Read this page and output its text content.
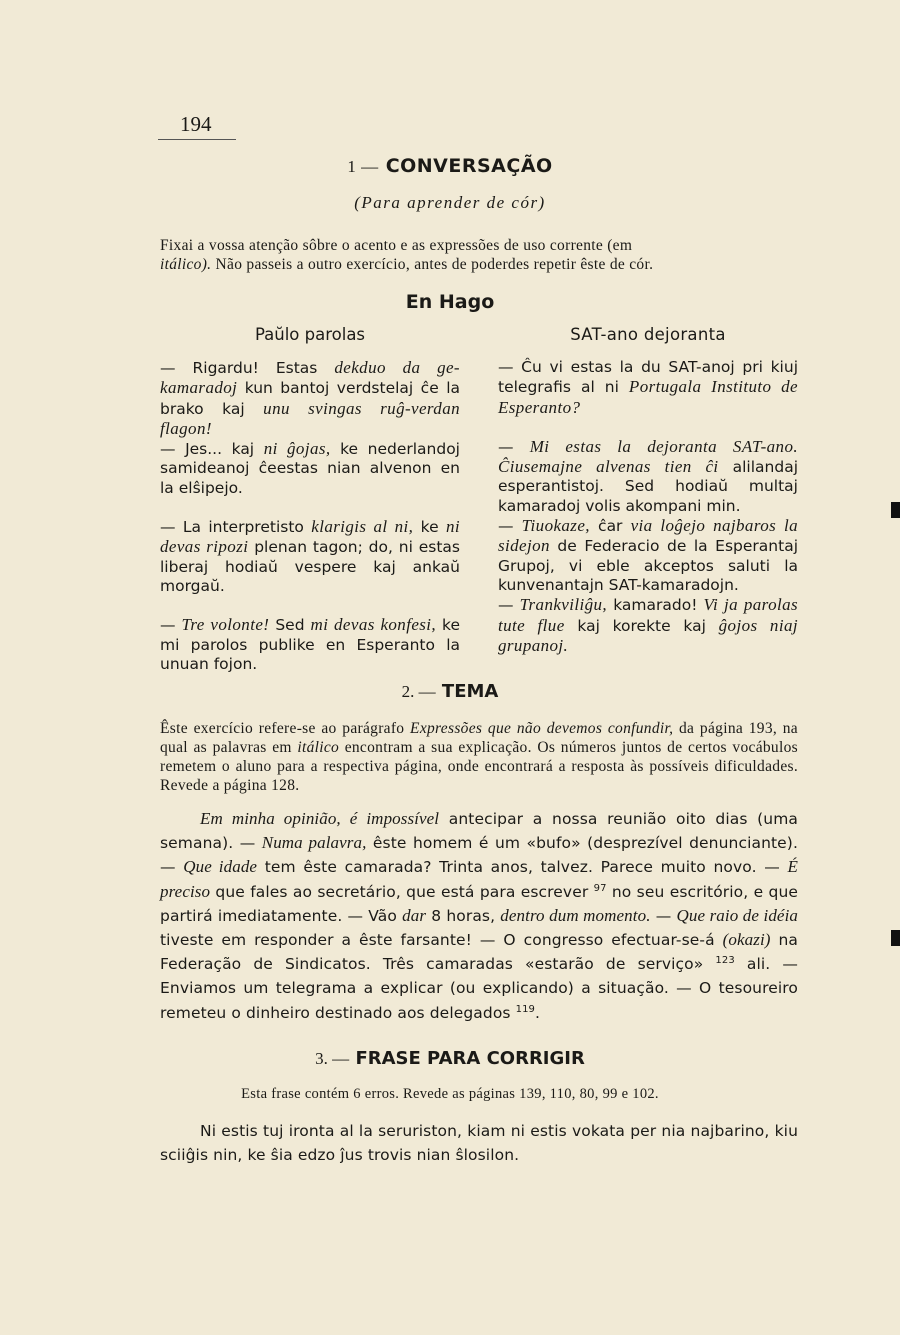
194
1 — CONVERSAÇÃO
(Para aprender de cór)

Fixai a vossa atenção sôbre o acento e as expressões de uso corrente (em
itálico). Não passeis a outro exercício, antes de poderdes repetir êste de cór.

En Hago
Paŭlo parolas	SAT-ano dejoranta

— Rigardu! Estas dekduo da ge-kamaradoj kun bantoj verdstelaj ĉe la brako kaj unu svingas ruĝ-verdan flagon!

— Jes... kaj ni ĝojas, ke nederlandoj samideanoj ĉeestas nian alvenon en la elŝipejo.

— La interpretisto klarigis al ni, ke ni devas ripozi plenan tagon; do, ni estas liberaj hodiaŭ vespere kaj ankaŭ morgaŭ.

— Tre volonte! Sed mi devas konfesi, ke mi parolos publike en Esperanto la unuan fojon.

— Ĉu vi estas la du SAT-anoj pri kiuj telegrafis al ni Portugala Instituto de Esperanto?

— Mi estas la dejoranta SAT-ano. Ĉiusemajne alvenas tien ĉi alilandaj esperantistoj. Sed hodiaŭ multaj kamaradoj volis akompani min.

— Tiuokaze, ĉar via loĝejo najbaros la sidejon de Federacio de la Esperantaj Grupoj, vi eble akceptos saluti la kunvenantajn SAT-kamaradojn.

— Trankviliĝu, kamarado! Vi ja parolas tute flue kaj korekte kaj ĝojos niaj grupanoj.

2. — TEMA

Êste exercício refere-se ao parágrafo Expressões que não devemos confundir, da página 193, na qual as palavras em itálico encontram a sua explicação. Os números juntos de certos vocábulos remetem o aluno para a respectiva página, onde encontrará a resposta às possíveis dificuldades. Revede a página 128.

Em minha opinião, é impossível antecipar a nossa reunião oito dias (uma semana). — Numa palavra, êste homem é um «bufo» (desprezível denunciante). — Que idade tem êste camarada? Trinta anos, talvez. Parece muito novo. — É preciso que fales ao secretário, que está para escrever $^{97}$ no seu escritório, e que partirá imediatamente. — Vão dar 8 horas, dentro dum momento. — Que raio de idéia tiveste em responder a êste farsante! — O congresso efectuar-se-á (okazi) na Federação de Sindicatos. Três camaradas «estarão de serviço» $^{123}$ ali. — Enviamos um telegrama a explicar (ou explicando) a situação. — O tesoureiro remeteu o dinheiro destinado aos delegados $^{119}$.

3. — FRASE PARA CORRIGIR
Esta frase contém 6 erros. Revede as páginas 139, 110, 80, 99 e 102.

Ni estis tuj ironta al la seruriston, kiam ni estis vokata per nia najbarino, kiu sciiĝis nin, ke ŝia edzo ĵus trovis nian ŝlosilon.
